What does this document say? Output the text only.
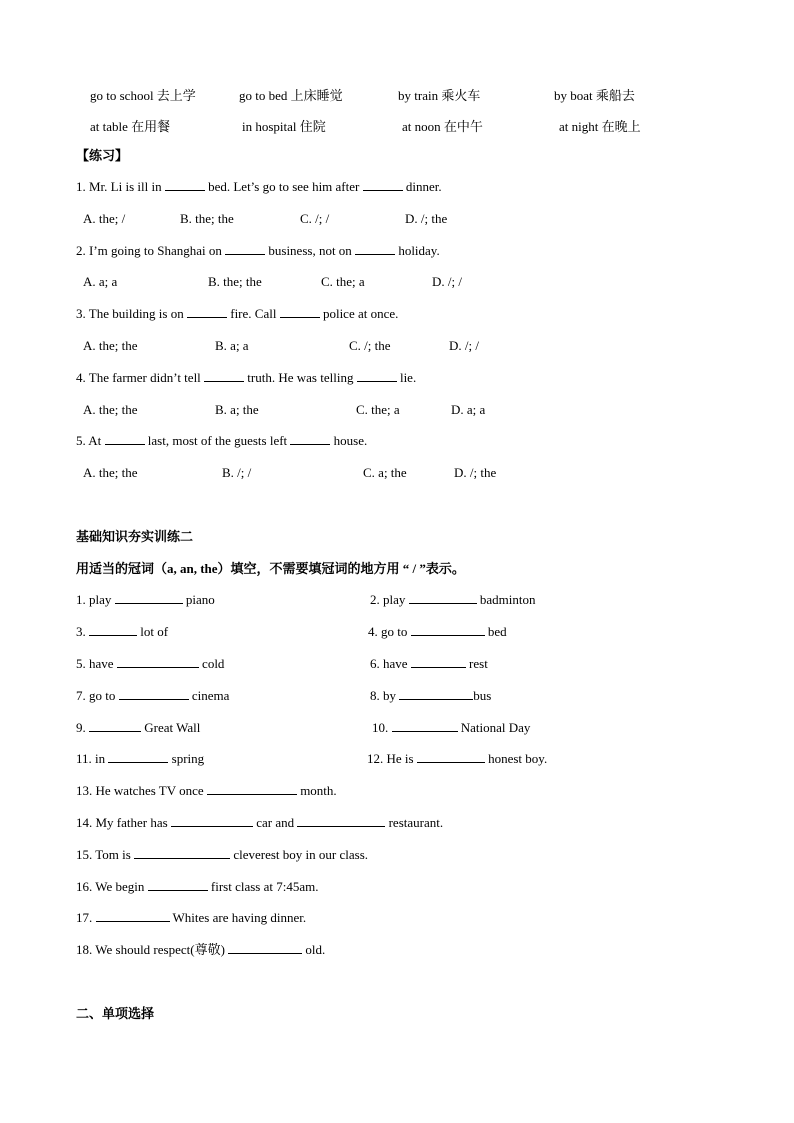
go to school 去上学	go to bed 上床睡觉	by train 乘火车	by boat 乘船去
at table 在用餐	in hospital 住院	at noon 在中午	at night 在晚上
【练习】
1. Mr. Li is ill in	bed. Let’s go to see him after	dinner.
A. the; /	B. the; the	C. /; /	D. /; the
2. I’m going to Shanghai on	business, not on	holiday.
A. a; a	B. the; the	C. the; a	D. /; /
3. The building is on	fire. Call	police at once.
A. the; the	B. a; a	C. /; the	D. /; /
4. The farmer didn’t tell	truth. He was telling	lie.
A. the; the	B. a; the	C. the; a	D. a; a
5. At	last, most of the guests left	house.
A. the; the	B. /; /	C. a; the	D. /; the
基础知识夯实训练二
用适当的冠词（a, an, the）填空，不需要填冠词的地方用 “ / ”表示。
1. play	piano	2. play	badminton
3.	lot of	4. go to	bed
5. have	cold	6. have	rest
7. go to	cinema	8. by	bus
9.	Great Wall	10.	National Day
11. in	spring	12. He is	honest boy.
13. He watches TV once	month.
14. My father has	car and	restaurant.
15. Tom is	cleverest boy in our class.
16. We begin	first class at 7:45am.
17.	Whites are having dinner.
18. We should respect(尊敬)	old.
二、单项选择
